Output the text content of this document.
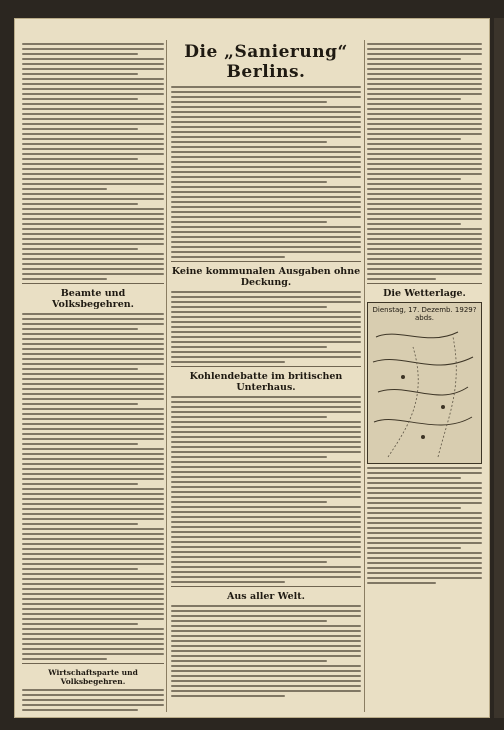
Beamte und Volksbegehren.
Wirtschaftsparte und Volksbegehren.
Die „Sanierung“ Berlins.
Keine kommunalen Ausgaben ohne Deckung.
Kohlendebatte im britischen Unterhaus.
Aus aller Welt.
Die Wetterlage.
Dienstag, 17. Dezemb. 1929? abds.
